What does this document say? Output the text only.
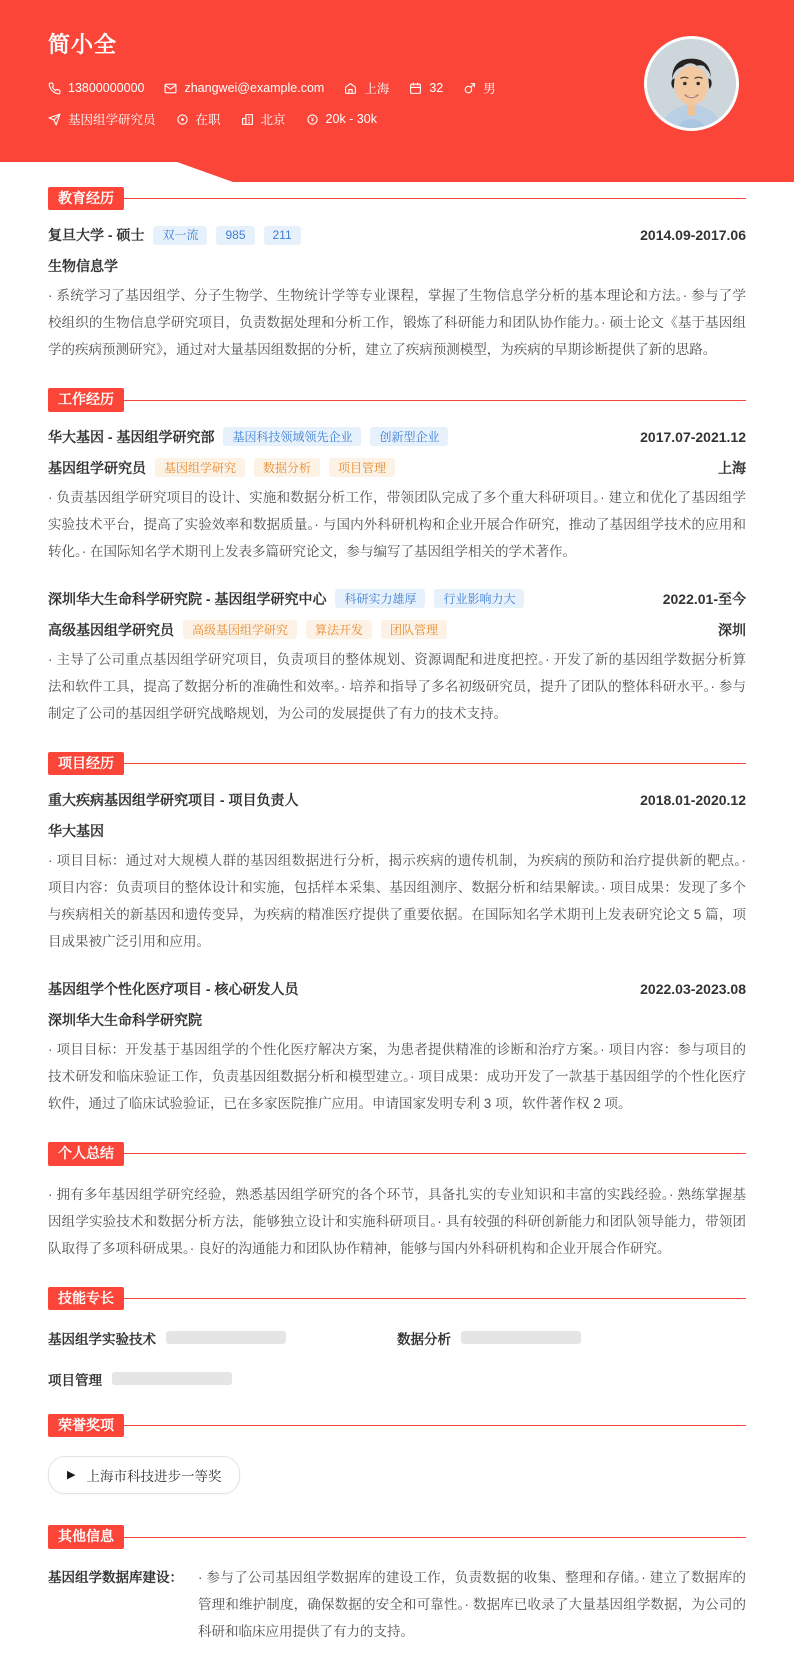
简小全
13800000000	zhangwei@example.com	上海	32	男
基因组学研究员	在职	北京 ¥ 20k - 30k
教育经历
复旦大学 - 硕士	双一流	985	211	2014.09-2017.06
生物信息学

· 系统学习了基因组学、分子生物学、生物统计学等专业课程，掌握了生物信息学分析的基本理论和方法。· 参与了学校组织的生物信息学研究项目，负责数据处理和分析工作，锻炼了科研能力和团队协作能力。· 硕士论文《基于基因组学的疾病预测研究》，通过对大量基因组数据的分析，建立了疾病预测模型，为疾病的早期诊断提供了新的思路。

工作经历
华大基因 - 基因组学研究部	基因科技领域领先企业	创新型企业	2017.07-2021.12
基因组学研究员	基因组学研究	数据分析	项目管理	上海

· 负责基因组学研究项目的设计、实施和数据分析工作，带领团队完成了多个重大科研项目。· 建立和优化了基因组学实验技术平台，提高了实验效率和数据质量。· 与国内外科研机构和企业开展合作研究，推动了基因组学技术的应用和转化。· 在国际知名学术期刊上发表多篇研究论文，参与编写了基因组学相关的学术著作。

深圳华大生命科学研究院 - 基因组学研究中心	科研实力雄厚	行业影响力大	2022.01-至今
高级基因组学研究员	高级基因组学研究	算法开发	团队管理	深圳

· 主导了公司重点基因组学研究项目，负责项目的整体规划、资源调配和进度把控。· 开发了新的基因组学数据分析算法和软件工具，提高了数据分析的准确性和效率。· 培养和指导了多名初级研究员，提升了团队的整体科研水平。· 参与制定了公司的基因组学研究战略规划，为公司的发展提供了有力的技术支持。

项目经历
重大疾病基因组学研究项目 - 项目负责人	2018.01-2020.12
华大基因

· 项目目标：通过对大规模人群的基因组数据进行分析，揭示疾病的遗传机制，为疾病的预防和治疗提供新的靶点。· 项目内容：负责项目的整体设计和实施，包括样本采集、基因组测序、数据分析和结果解读。· 项目成果：发现了多个与疾病相关的新基因和遗传变异，为疾病的精准医疗提供了重要依据。在国际知名学术期刊上发表研究论文 5 篇，项目成果被广泛引用和应用。

基因组学个性化医疗项目 - 核心研发人员	2022.03-2023.08
深圳华大生命科学研究院

· 项目目标：开发基于基因组学的个性化医疗解决方案，为患者提供精准的诊断和治疗方案。· 项目内容：参与项目的技术研发和临床验证工作，负责基因组数据分析和模型建立。· 项目成果：成功开发了一款基于基因组学的个性化医疗软件，通过了临床试验验证，已在多家医院推广应用。申请国家发明专利 3 项，软件著作权 2 项。

个人总结

· 拥有多年基因组学研究经验，熟悉基因组学研究的各个环节，具备扎实的专业知识和丰富的实践经验。· 熟练掌握基因组学实验技术和数据分析方法，能够独立设计和实施科研项目。· 具有较强的科研创新能力和团队领导能力，带领团队取得了多项科研成果。· 良好的沟通能力和团队协作精神，能够与国内外科研机构和企业开展合作研究。

技能专长
基因组学实验技术	数据分析
项目管理
荣誉奖项
▶ 上海市科技进步一等奖
其他信息
基因组学数据库建设： · 参与了公司基因组学数据库的建设工作，负责数据的收集、整理和存储。· 建立了数据库的管理和维护制度，确保数据的安全和可靠性。· 数据库已收录了大量基因组学数据，为公司的科研和临床应用提供了有力的支持。
